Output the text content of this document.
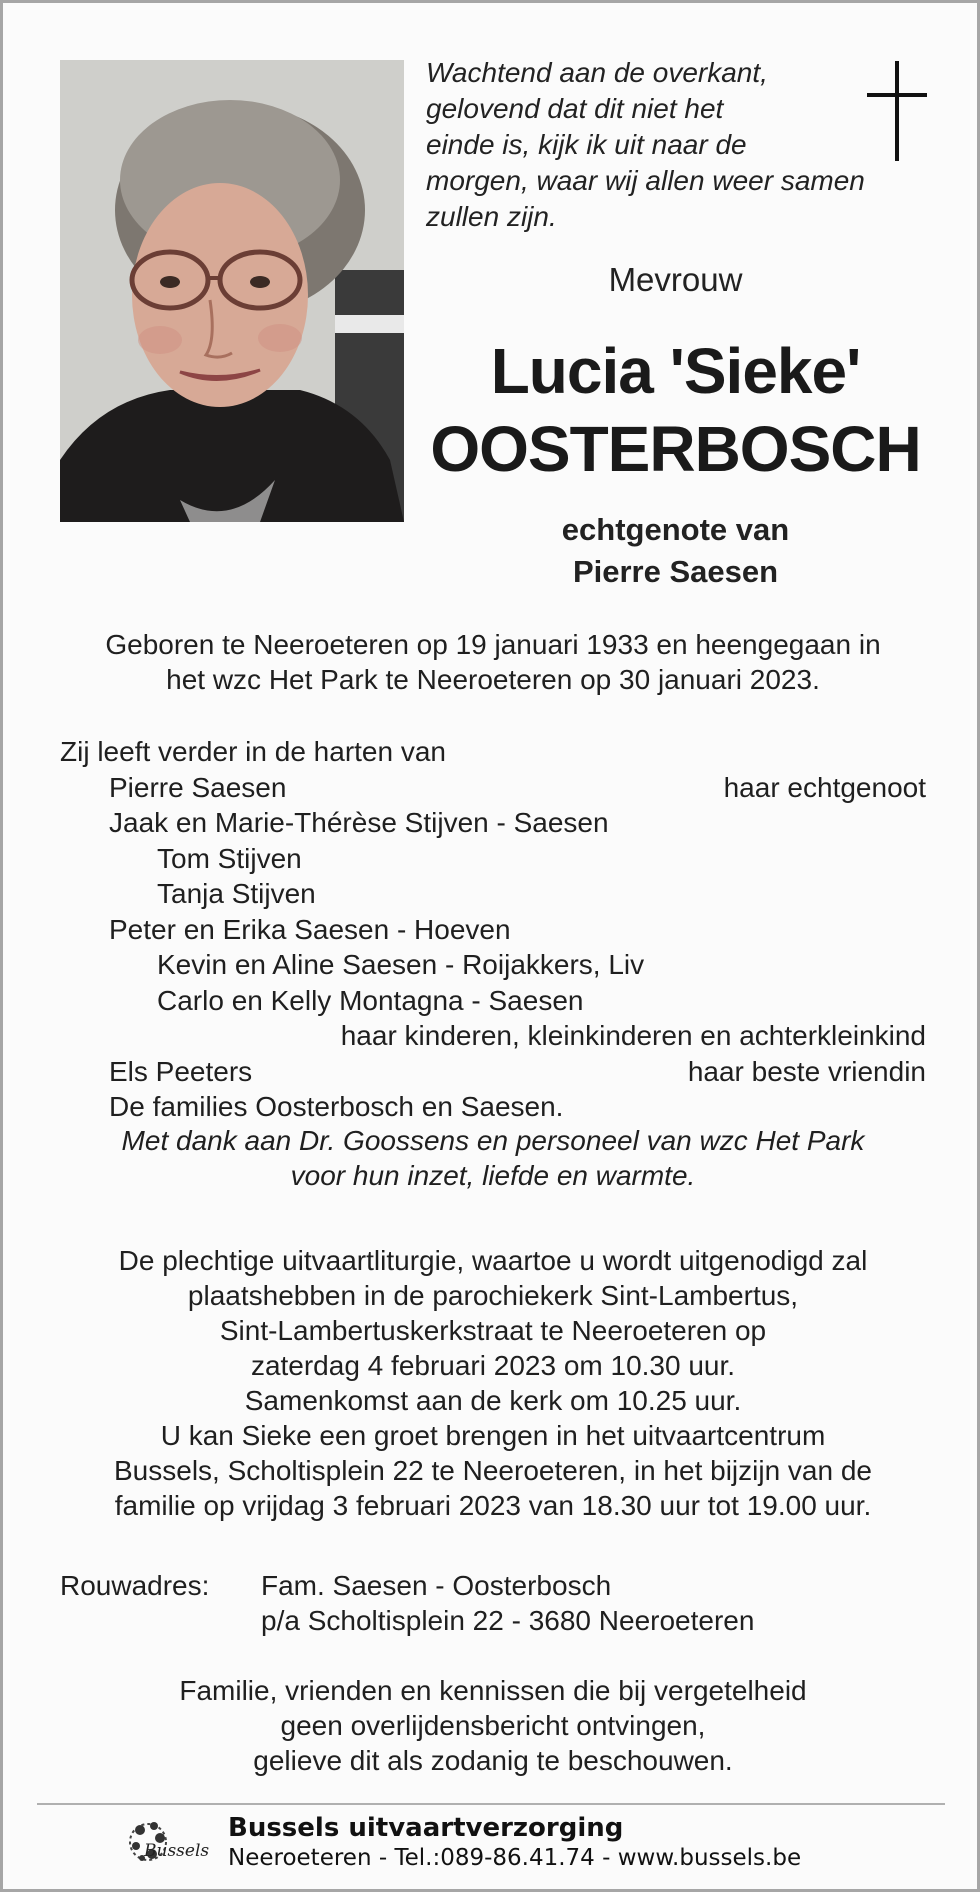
Wachtend aan de overkant,
gelovend dat dit niet het
einde is, kijk ik uit naar de
morgen, waar wij allen weer samen
zullen zijn.
Mevrouw
Lucia 'Sieke'
OOSTERBOSCH
echtgenote van
Pierre Saesen
Geboren te Neeroeteren op 19 januari 1933 en heengegaan in
het wzc Het Park te Neeroeteren op 30 januari 2023.
Zij leeft verder in de harten van
Pierre Saesen	haar echtgenoot
Jaak en Marie-Thérèse Stijven - Saesen
Tom Stijven
Tanja Stijven
Peter en Erika Saesen - Hoeven
Kevin en Aline Saesen - Roijakkers, Liv
Carlo en Kelly Montagna - Saesen
haar kinderen, kleinkinderen en achterkleinkind
Els Peeters	haar beste vriendin
De families Oosterbosch en Saesen.
Met dank aan Dr. Goossens en personeel van wzc Het Park
voor hun inzet, liefde en warmte.
De plechtige uitvaartliturgie, waartoe u wordt uitgenodigd zal
plaatshebben in de parochiekerk Sint-Lambertus,
Sint-Lambertuskerkstraat te Neeroeteren op
zaterdag 4 februari 2023 om 10.30 uur.
Samenkomst aan de kerk om 10.25 uur.
U kan Sieke een groet brengen in het uitvaartcentrum
Bussels, Scholtisplein 22 te Neeroeteren, in het bijzijn van de
familie op vrijdag 3 februari 2023 van 18.30 uur tot 19.00 uur.
Rouwadres: Fam. Saesen - Oosterbosch
p/a Scholtisplein 22 - 3680 Neeroeteren
Familie, vrienden en kennissen die bij vergetelheid
geen overlijdensbericht ontvingen,
gelieve dit als zodanig te beschouwen.
Bussels
Bussels uitvaartverzorging
Neeroeteren - Tel.:089-86.41.74 - www.bussels.be
